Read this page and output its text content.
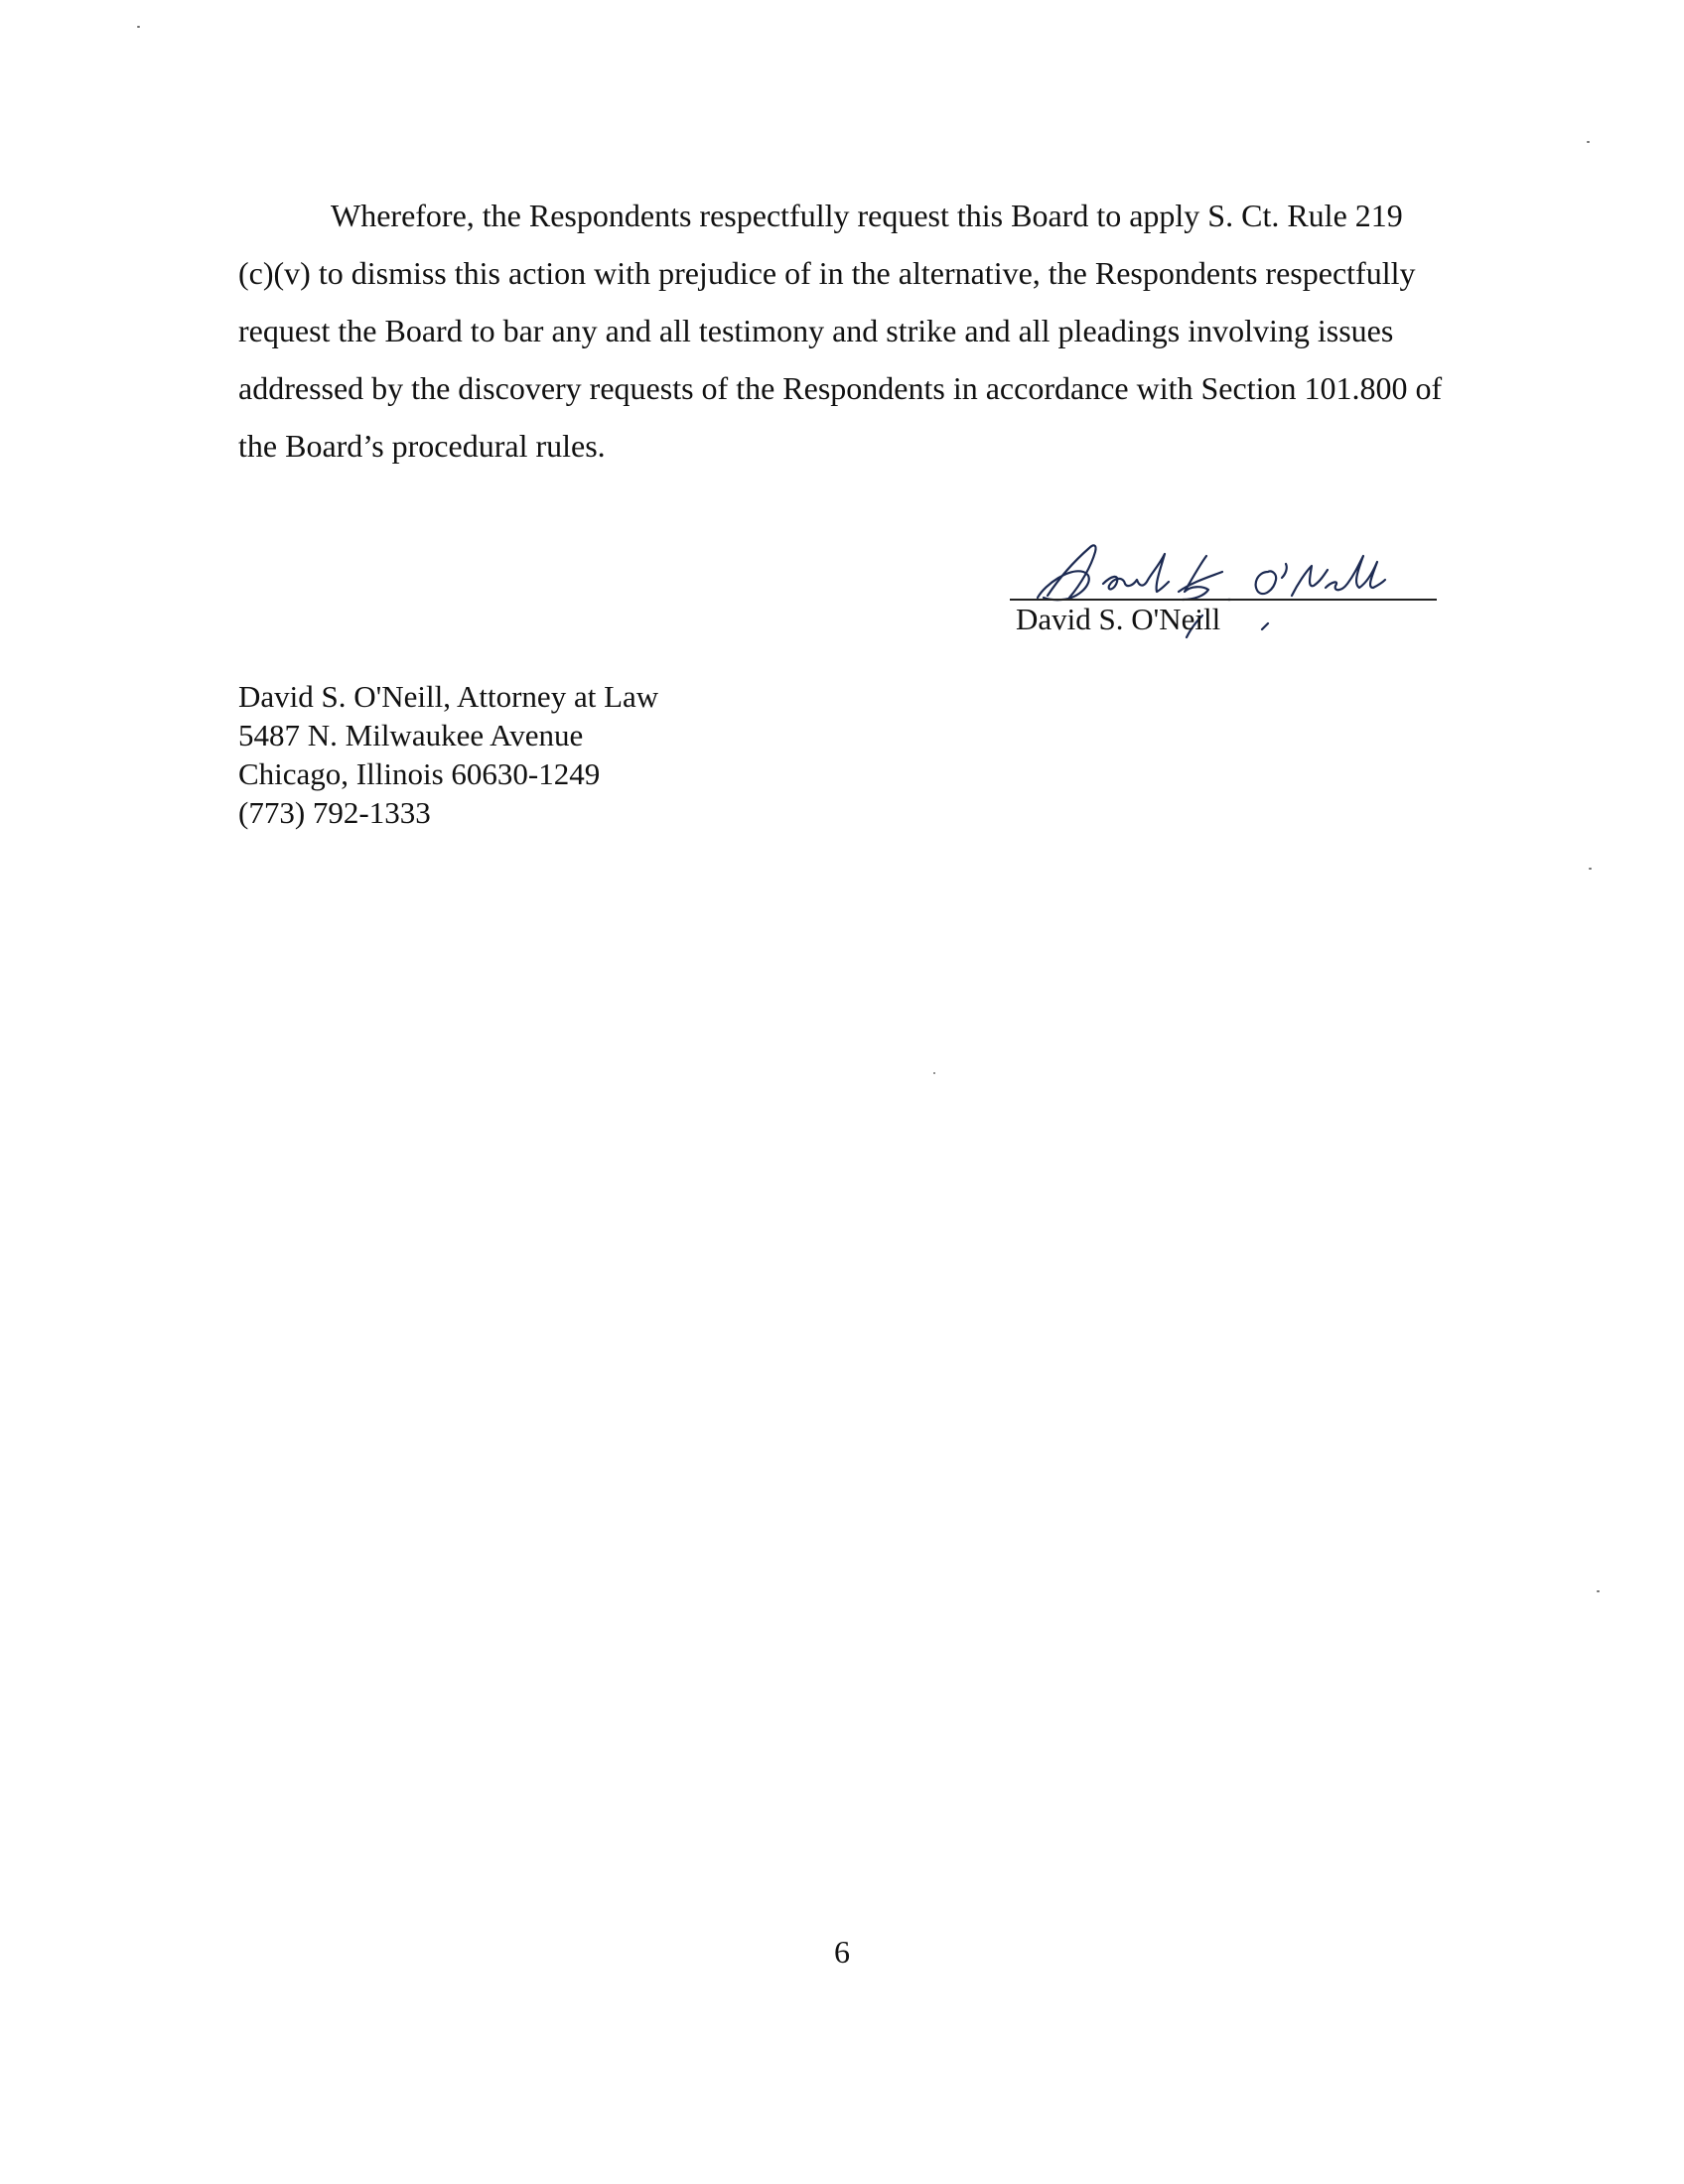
Wherefore, the Respondents respectfully request this Board to apply S. Ct. Rule 219
(c)(v) to dismiss this action with prejudice of in the alternative, the Respondents respectfully
request the Board to bar any and all testimony and strike and all pleadings involving issues
addressed by the discovery requests of the Respondents in accordance with Section 101.800 of
the Board’s procedural rules.

David S. O'Neill
David S. O'Neill, Attorney at Law
5487 N. Milwaukee Avenue
Chicago, Illinois 60630-1249
(773) 792-1333
6
